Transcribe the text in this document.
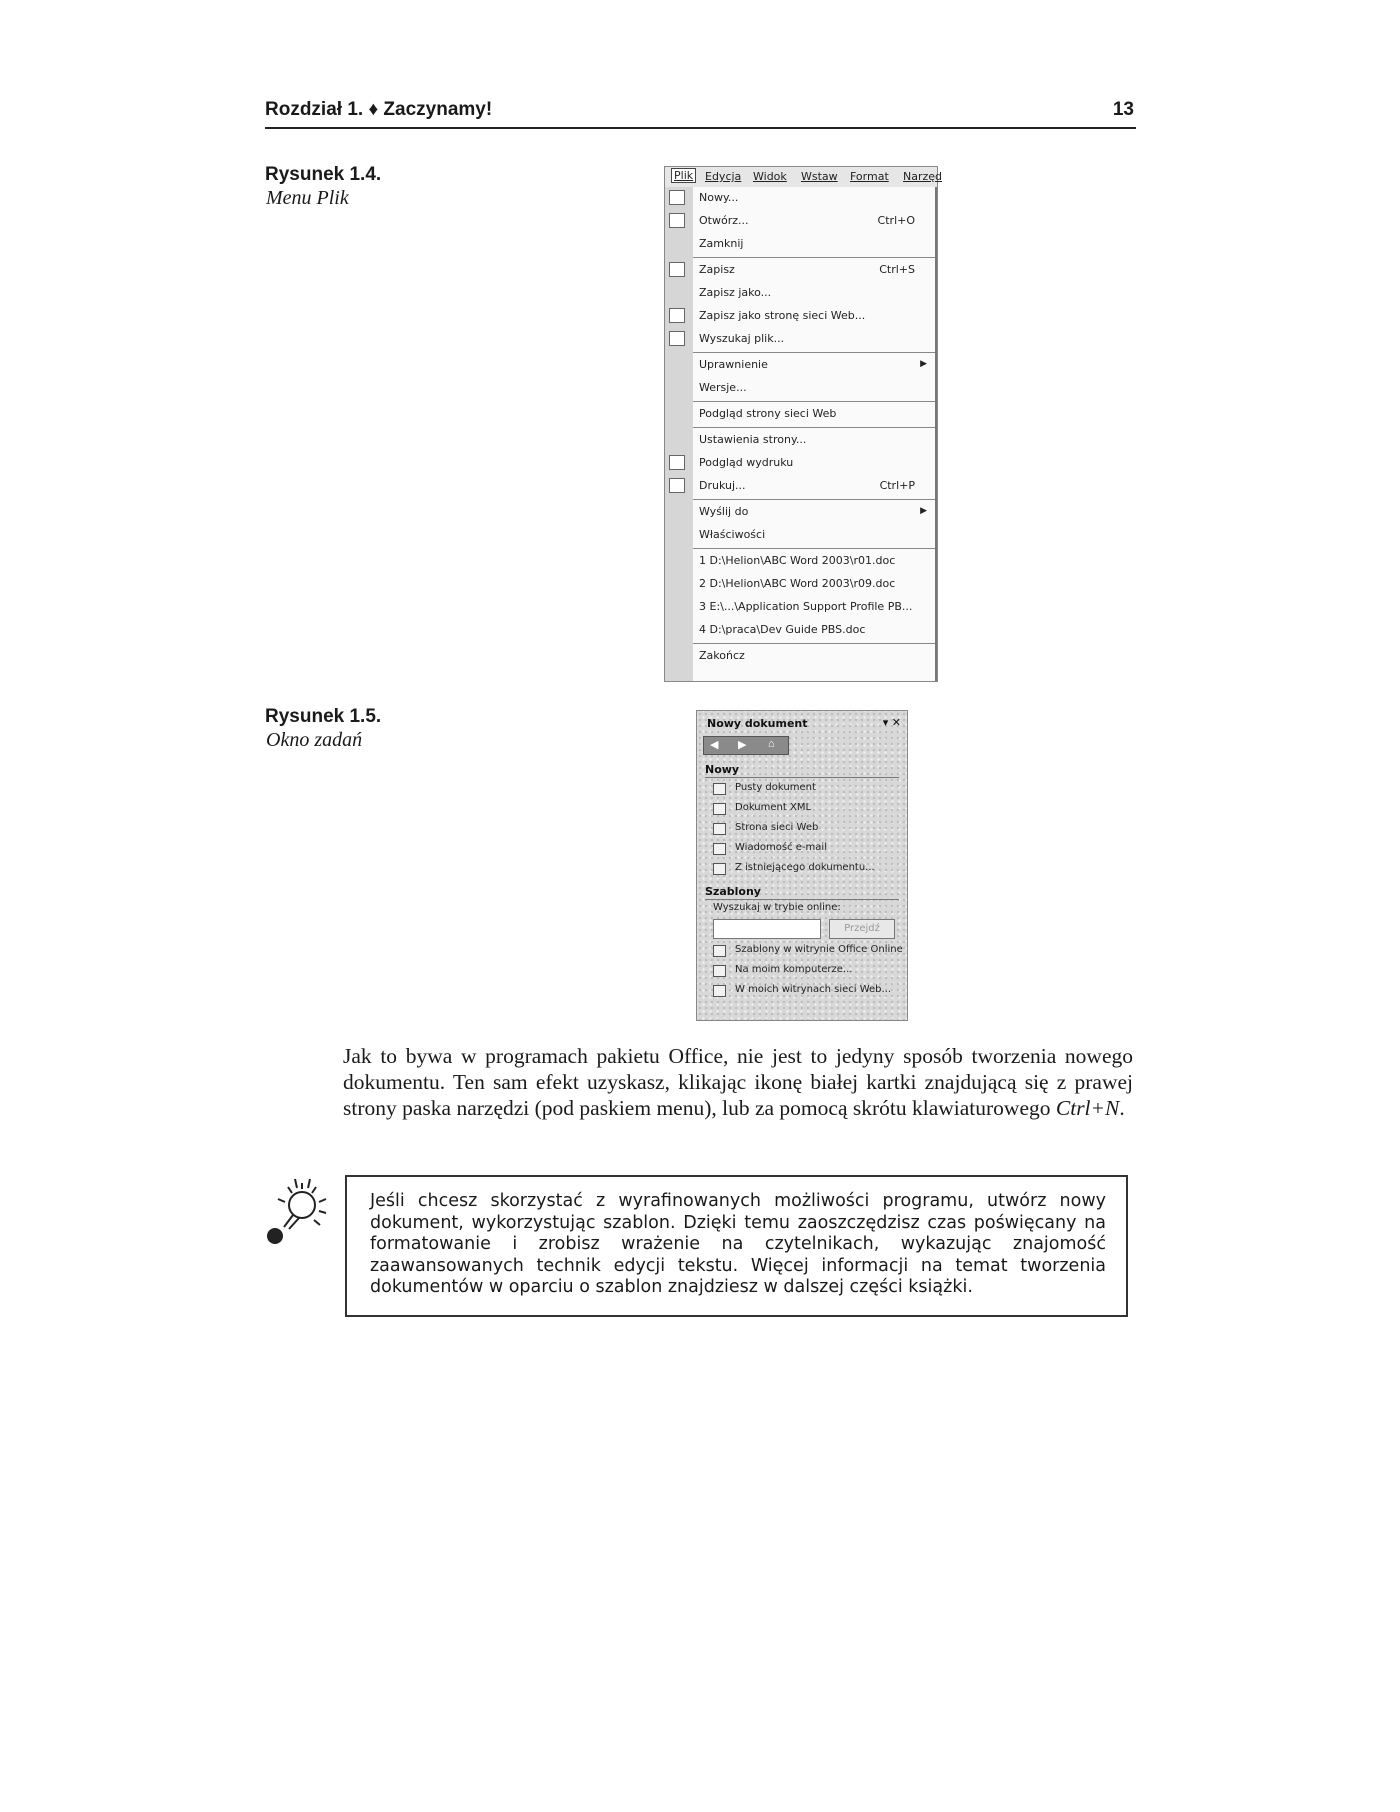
Rozdział 1. ♦ Zaczynamy!	13
Rysunek 1.4.
Menu Plik
Plik Edycja Widok Wstaw Format Narzęd
Nowy...
Otwórz...	Ctrl+O
Zamknij
Zapisz	Ctrl+S
Zapisz jako...
Zapisz jako stronę sieci Web...
Wyszukaj plik...
Uprawnienie	▶
Wersje...
Podgląd strony sieci Web
Ustawienia strony...
Podgląd wydruku
Drukuj...	Ctrl+P
Wyślij do	▶
Właściwości
1 D:\Helion\ABC Word 2003\r01.doc
2 D:\Helion\ABC Word 2003\r09.doc
3 E:\...\Application Support Profile PB...
4 D:\praca\Dev Guide PBS.doc
Zakończ
Rysunek 1.5.
Okno zadań
Nowy dokument	▾ ✕
◀ ▶ ⌂
Nowy
Pusty dokument
Dokument XML
Strona sieci Web
Wiadomość e-mail
Z istniejącego dokumentu...
Szablony
Wyszukaj w trybie online:
Przejdź
Szablony w witrynie Office Online
Na moim komputerze...
W moich witrynach sieci Web...

Jak to bywa w programach pakietu Office, nie jest to jedyny sposób tworzenia nowego dokumentu. Ten sam efekt uzyskasz, klikając ikonę białej kartki znajdującą się z prawej strony paska narzędzi (pod paskiem menu), lub za pomocą skrótu klawiaturowego Ctrl+N.

Jeśli chcesz skorzystać z wyrafinowanych możliwości programu, utwórz nowy dokument, wykorzystując szablon. Dzięki temu zaoszczędzisz czas poświęcany na formatowanie i zrobisz wrażenie na czytelnikach, wykazując znajomość zaawansowanych technik edycji tekstu. Więcej informacji na temat tworzenia dokumentów w oparciu o szablon znajdziesz w dalszej części książki.
